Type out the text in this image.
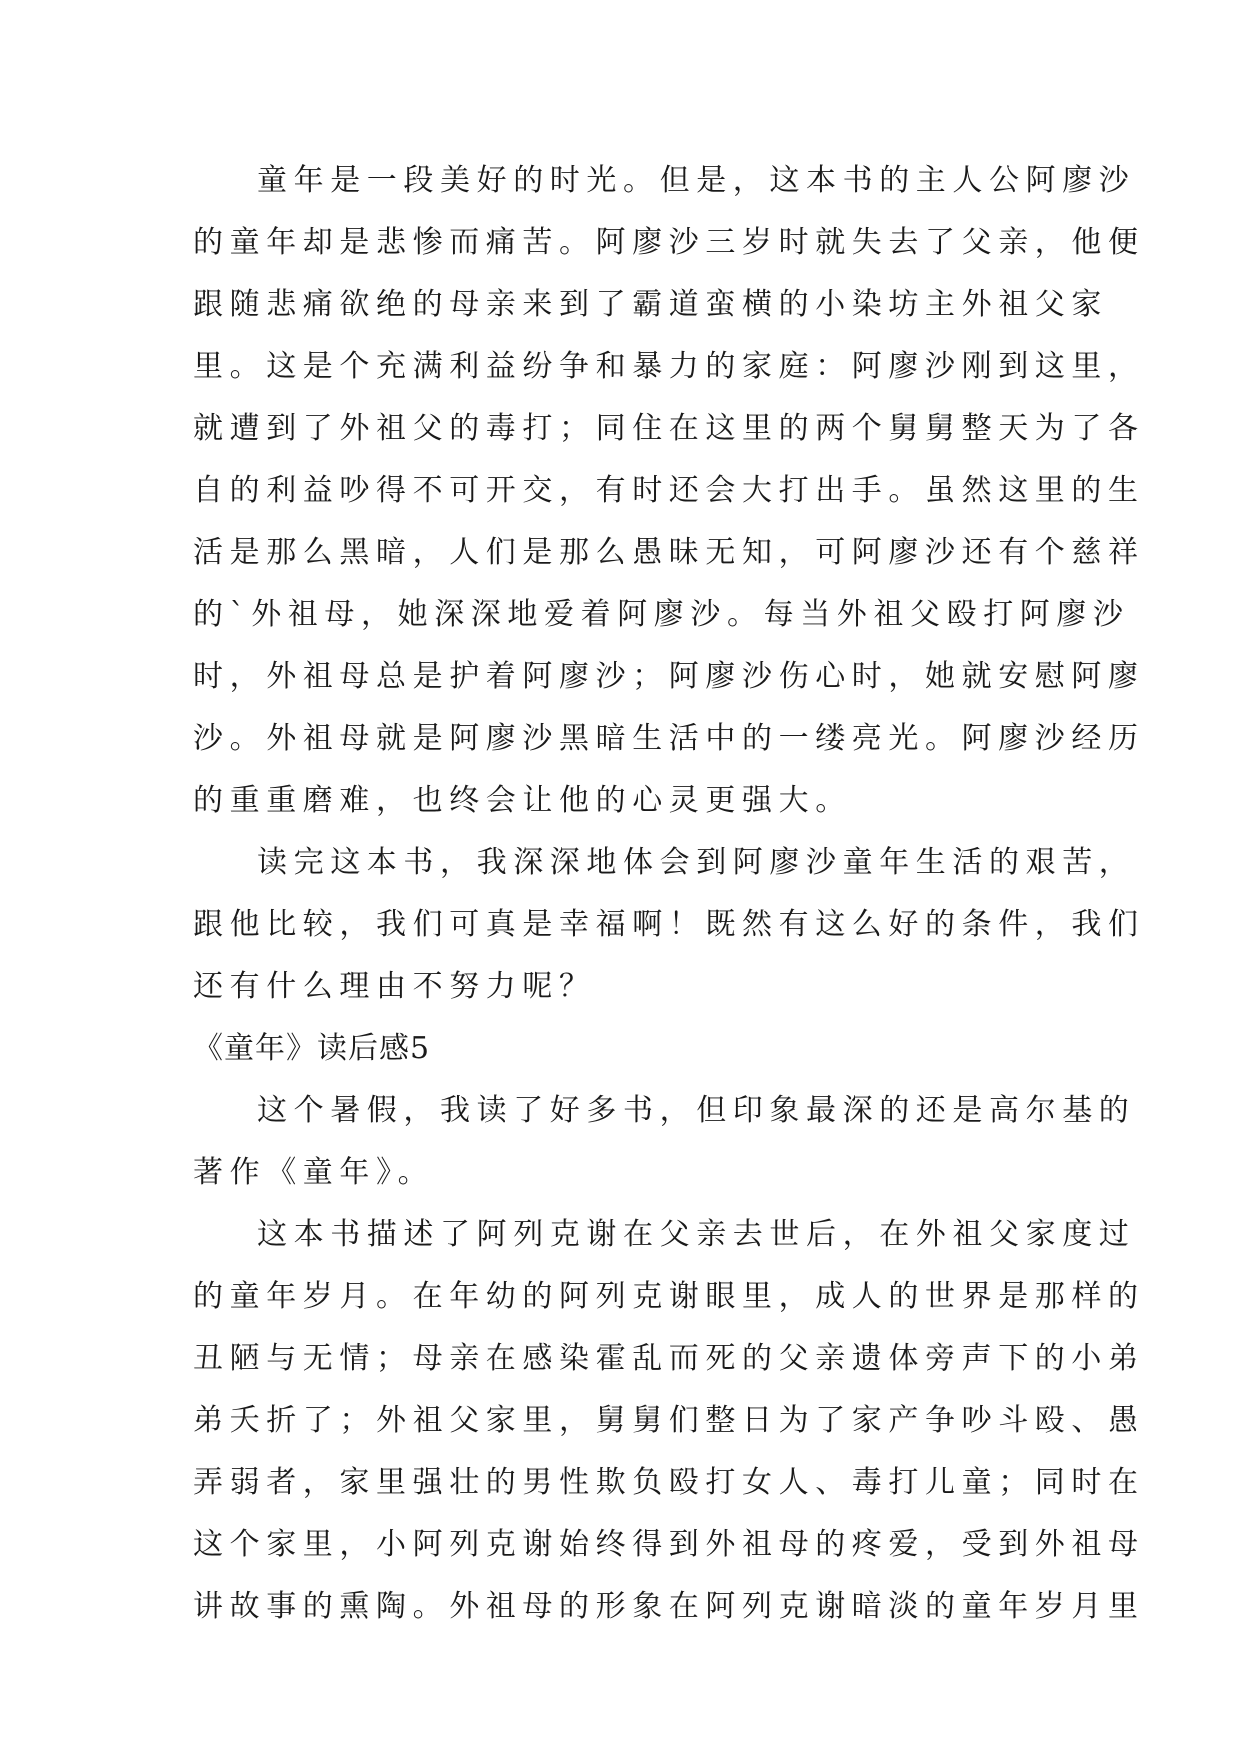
童年是一段美好的时光。但是，这本书的主人公阿廖沙
的童年却是悲惨而痛苦。阿廖沙三岁时就失去了父亲，他便
跟随悲痛欲绝的母亲来到了霸道蛮横的小染坊主外祖父家
里。这是个充满利益纷争和暴力的家庭：阿廖沙刚到这里，
就遭到了外祖父的毒打；同住在这里的两个舅舅整天为了各
自的利益吵得不可开交，有时还会大打出手。虽然这里的生
活是那么黑暗，人们是那么愚昧无知，可阿廖沙还有个慈祥
的`外祖母，她深深地爱着阿廖沙。每当外祖父殴打阿廖沙
时，外祖母总是护着阿廖沙；阿廖沙伤心时，她就安慰阿廖
沙。外祖母就是阿廖沙黑暗生活中的一缕亮光。阿廖沙经历
的重重磨难，也终会让他的心灵更强大。
读完这本书，我深深地体会到阿廖沙童年生活的艰苦，
跟他比较，我们可真是幸福啊！既然有这么好的条件，我们
还有什么理由不努力呢？
《童年》读后感5
这个暑假，我读了好多书，但印象最深的还是高尔基的
著作《童年》。
这本书描述了阿列克谢在父亲去世后，在外祖父家度过
的童年岁月。在年幼的阿列克谢眼里，成人的世界是那样的
丑陋与无情；母亲在感染霍乱而死的父亲遗体旁声下的小弟
弟夭折了；外祖父家里，舅舅们整日为了家产争吵斗殴、愚
弄弱者，家里强壮的男性欺负殴打女人、毒打儿童；同时在
这个家里，小阿列克谢始终得到外祖母的疼爱，受到外祖母
讲故事的熏陶。外祖母的形象在阿列克谢暗淡的童年岁月里
